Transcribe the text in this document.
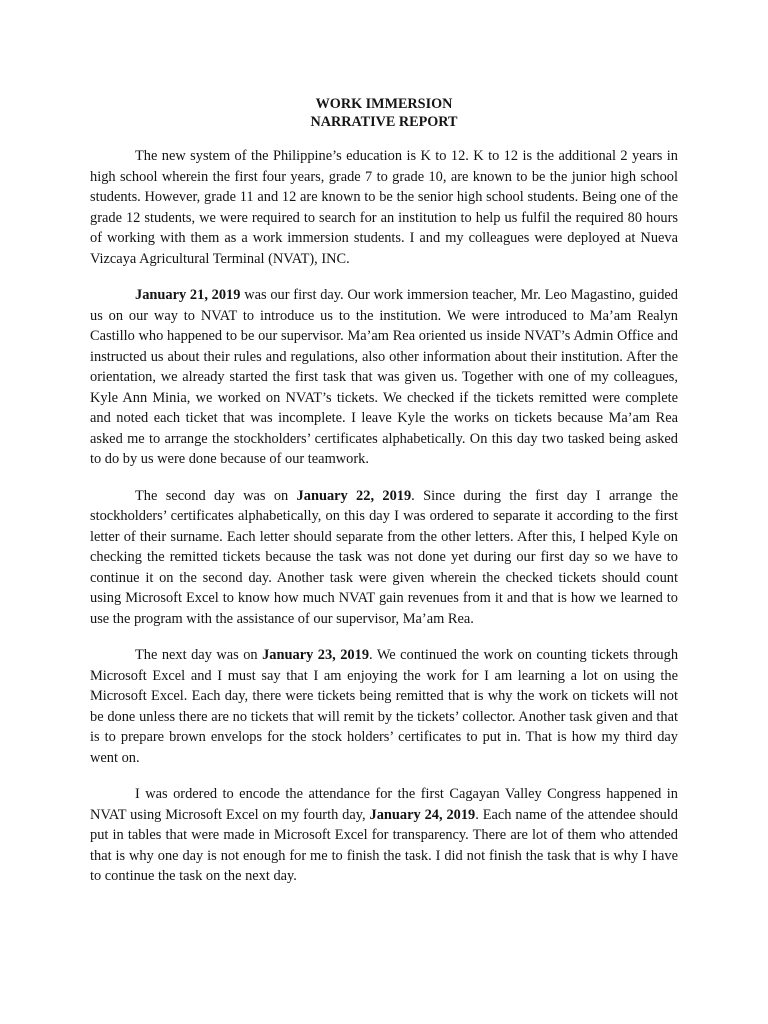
WORK IMMERSION
NARRATIVE REPORT

The new system of the Philippine’s education is K to 12. K to 12 is the additional 2 years in high school wherein the first four years, grade 7 to grade 10, are known to be the junior high school students. However, grade 11 and 12 are known to be the senior high school students. Being one of the grade 12 students, we were required to search for an institution to help us fulfil the required 80 hours of working with them as a work immersion students. I and my colleagues were deployed at Nueva Vizcaya Agricultural Terminal (NVAT), INC.

January 21, 2019 was our first day. Our work immersion teacher, Mr. Leo Magastino, guided us on our way to NVAT to introduce us to the institution. We were introduced to Ma’am Realyn Castillo who happened to be our supervisor. Ma’am Rea oriented us inside NVAT’s Admin Office and instructed us about their rules and regulations, also other information about their institution. After the orientation, we already started the first task that was given us. Together with one of my colleagues, Kyle Ann Minia, we worked on NVAT’s tickets. We checked if the tickets remitted were complete and noted each ticket that was incomplete. I leave Kyle the works on tickets because Ma’am Rea asked me to arrange the stockholders’ certificates alphabetically. On this day two tasked being asked to do by us were done because of our teamwork.

The second day was on January 22, 2019. Since during the first day I arrange the stockholders’ certificates alphabetically, on this day I was ordered to separate it according to the first letter of their surname. Each letter should separate from the other letters. After this, I helped Kyle on checking the remitted tickets because the task was not done yet during our first day so we have to continue it on the second day. Another task were given wherein the checked tickets should count using Microsoft Excel to know how much NVAT gain revenues from it and that is how we learned to use the program with the assistance of our supervisor, Ma’am Rea.

The next day was on January 23, 2019. We continued the work on counting tickets through Microsoft Excel and I must say that I am enjoying the work for I am learning a lot on using the Microsoft Excel. Each day, there were tickets being remitted that is why the work on tickets will not be done unless there are no tickets that will remit by the tickets’ collector. Another task given and that is to prepare brown envelops for the stock holders’ certificates to put in. That is how my third day went on.

I was ordered to encode the attendance for the first Cagayan Valley Congress happened in NVAT using Microsoft Excel on my fourth day, January 24, 2019. Each name of the attendee should put in tables that were made in Microsoft Excel for transparency. There are lot of them who attended that is why one day is not enough for me to finish the task. I did not finish the task that is why I have to continue the task on the next day.
